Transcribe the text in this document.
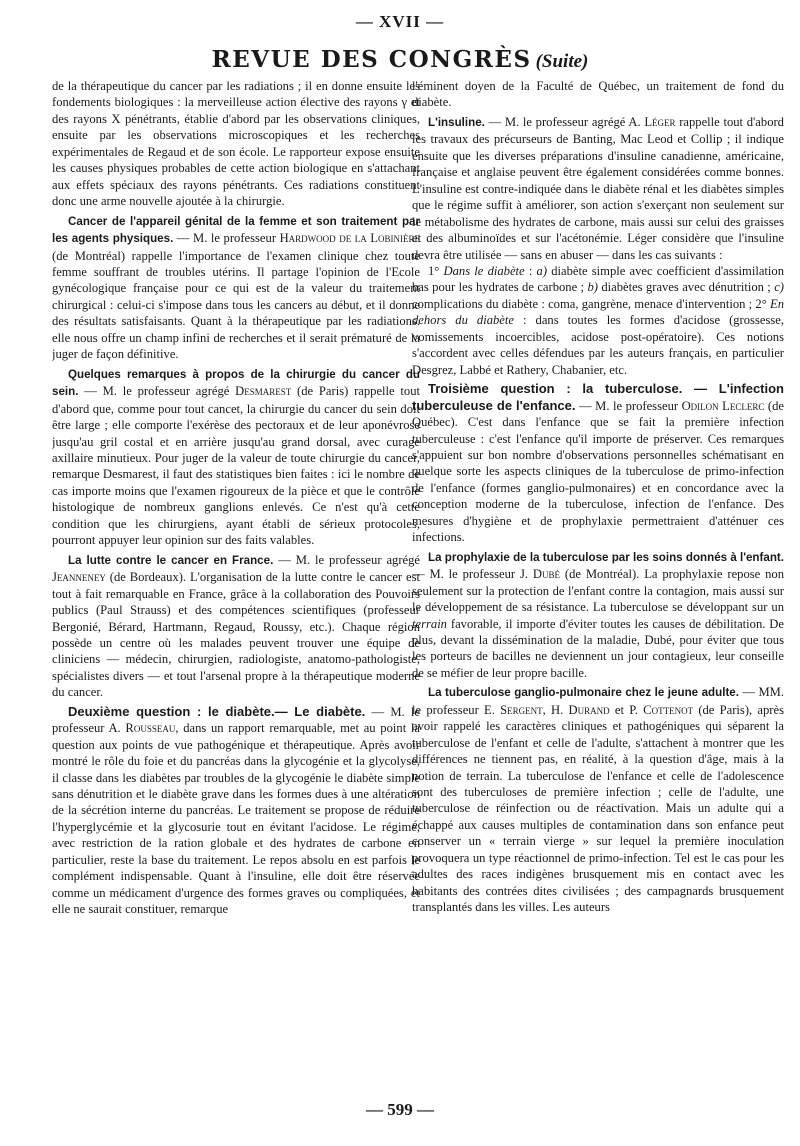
— XVII —
REVUE DES CONGRÈS (Suite)

de la thérapeutique du cancer par les radiations ; il en donne ensuite les fondements biologiques : la merveilleuse action élective des rayons γ et des rayons X pénétrants, établie d'abord par les observations cliniques, ensuite par les observations microscopiques et les recherches expérimentales de Regaud et de son école. Le rapporteur expose ensuite les causes physiques probables de cette action biologique en s'attachant aux effets spéciaux des rayons pénétrants. Ces radiations constituent donc une arme nouvelle ajoutée à la chirurgie.

Cancer de l'appareil génital de la femme et son traitement par les agents physiques. — M. le professeur Hardwood de la Lobinière (de Montréal) rappelle l'importance de l'examen clinique chez toute femme souffrant de troubles utérins. Il partage l'opinion de l'Ecole gynécologique française pour ce qui est de la valeur du traitement chirurgical : celui-ci s'impose dans tous les cancers au début, et il donne des résultats satisfaisants. Quant à la thérapeutique par les radiations. elle nous offre un champ infini de recherches et il serait prématuré de la juger de façon définitive.

Quelques remarques à propos de la chirurgie du cancer du sein. — M. le professeur agrégé Desmarest (de Paris) rappelle tout d'abord que, comme pour tout cancet, la chirurgie du cancer du sein doit être large ; elle comporte l'exérèse des pectoraux et de leur aponévrose jusqu'au gril costal et en arrière jusqu'au grand dorsal, avec curage axillaire minutieux. Pour juger de la valeur de toute chirurgie du cancer, remarque Desmarest, il faut des statistiques bien faites : ici le nombre de cas importe moins que l'examen rigoureux de la pièce et que le contrôle histologique de nombreux ganglions enlevés. Ce n'est qu'à cette condition que les chirurgiens, ayant établi de sérieux protocoles, pourront appuyer leur opinion sur des faits valables.

La lutte contre le cancer en France. — M. le professeur agrégé Jeanneney (de Bordeaux). L'organisation de la lutte contre le cancer est tout à fait remarquable en France, grâce à la collaboration des Pouvoirs publics (Paul Strauss) et des compétences scientifiques (professeur Bergonié, Bérard, Hartmann, Regaud, Roussy, etc.). Chaque région possède un centre où les malades peuvent trouver une équipe de cliniciens — médecin, chirurgien, radiologiste, anatomo-pathologiste, spécialistes divers — et tout l'arsenal propre à la thérapeutique moderne du cancer.

Deuxième question : le diabète.— Le diabète. — M. le professeur A. Rousseau, dans un rapport remarquable, met au point la question aux points de vue pathogénique et thérapeutique. Après avoir montré le rôle du foie et du pancréas dans la glycogénie et la glycolyse, il classe dans les diabètes par troubles de la glycogénie le diabète simple sans dénutrition et le diabète grave dans les formes dues à une altération de la sécrétion interne du pancréas. Le traitement se propose de réduire l'hyperglycémie et la glycosurie tout en évitant l'acidose. Le régime, avec restriction de la ration globale et des hydrates de carbone en particulier, reste la base du traitement. Le repos absolu en est parfois le complément indispensable. Quant à l'insuline, elle doit être réservée comme un médicament d'urgence des formes graves ou compliquées, et elle ne saurait constituer, remarque

l'éminent doyen de la Faculté de Québec, un traitement de fond du diabète.

L'insuline. — M. le professeur agrégé A. Léger rappelle tout d'abord les travaux des précurseurs de Banting, Mac Leod et Collip ; il indique ensuite que les diverses préparations d'insuline canadienne, américaine, française et anglaise peuvent être également considérées comme bonnes. L'insuline est contre-indiquée dans le diabète rénal et les diabètes simples que le régime suffit à améliorer, son action s'exerçant non seulement sur le métabolisme des hydrates de carbone, mais aussi sur celui des graisses et des albuminoïdes et sur l'acétonémie. Léger considère que l'insuline devra être utilisée — sans en abuser — dans les cas suivants :

1° Dans le diabète : a) diabète simple avec coefficient d'assimilation bas pour les hydrates de carbone ; b) diabètes graves avec dénutrition ; c) complications du diabète : coma, gangrène, menace d'intervention ; 2° En dehors du diabète : dans toutes les formes d'acidose (grossesse, vomissements incoercibles, acidose post-opératoire). Ces notions s'accordent avec celles défendues par les auteurs français, en particulier Desgrez, Labbé et Rathery, Chabanier, etc.

Troisième question : la tuberculose. — L'infection tuberculeuse de l'enfance. — M. le professeur Odilon Leclerc (de Québec). C'est dans l'enfance que se fait la première infection tuberculeuse : c'est l'enfance qu'il importe de préserver. Ces remarques s'appuient sur bon nombre d'observations personnelles schématisant en quelque sorte les aspects cliniques de la tuberculose de primo-infection de l'enfance (formes ganglio-pulmonaires) et en concordance avec la conception moderne de la tuberculose, infection de l'enfance. Des mesures d'hygiène et de prophylaxie permettraient d'atténuer ces infections.

La prophylaxie de la tuberculose par les soins donnés à l'enfant. — M. le professeur J. Dubé (de Montréal). La prophylaxie repose non seulement sur la protection de l'enfant contre la contagion, mais aussi sur le développement de sa résistance. La tuberculose se développant sur un terrain favorable, il importe d'éviter toutes les causes de débilitation. De plus, devant la dissémination de la maladie, Dubé, pour éviter que tous les porteurs de bacilles ne deviennent un jour contagieux, leur conseille de se méfier de leur propre bacille.

La tuberculose ganglio-pulmonaire chez le jeune adulte. — MM. le professeur E. Sergent, H. Durand et P. Cottenot (de Paris), après avoir rappelé les caractères cliniques et pathogéniques qui séparent la tuberculose de l'enfant et celle de l'adulte, s'attachent à montrer que les différences ne tiennent pas, en réalité, à la question d'âge, mais à la notion de terrain. La tuberculose de l'enfance et celle de l'adolescence sont des tuberculoses de première infection ; celle de l'adulte, une tuberculose de réinfection ou de réactivation. Mais un adulte qui a échappé aux causes multiples de contamination dans son enfance peut conserver un « terrain vierge » sur lequel la première inoculation provoquera un type réactionnel de primo-infection. Tel est le cas pour les adultes des races indigènes brusquement mis en contact avec les habitants des contrées dites civilisées ; des campagnards brusquement transplantés dans les villes. Les auteurs

— 599 —
